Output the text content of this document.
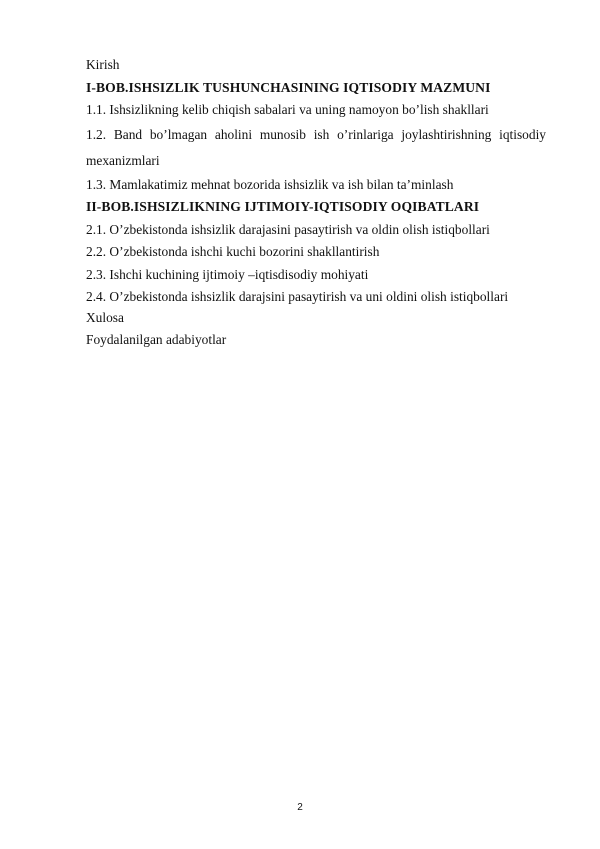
Kirish
I-BOB.ISHSIZLIK TUSHUNCHASINING IQTISODIY MAZMUNI
1.1. Ishsizlikning kelib chiqish sabalari va uning namoyon bo’lish shakllari
1.2. Band bo’lmagan aholini munosib ish o’rinlariga joylashtirishning iqtisodiy mexanizmlari
1.3. Mamlakatimiz mehnat bozorida ishsizlik va ish bilan ta’minlash
II-BOB.ISHSIZLIKNING IJTIMOIY-IQTISODIY OQIBATLARI
2.1. O’zbekistonda ishsizlik darajasini pasaytirish va oldin olish istiqbollari
2.2. O’zbekistonda ishchi kuchi bozorini shakllantirish
2.3. Ishchi kuchining ijtimoiy –iqtisdisodiy mohiyati
2.4. O’zbekistonda ishsizlik darajsini pasaytirish va uni oldini olish istiqbollari
Xulosa
Foydalanilgan adabiyotlar
2
